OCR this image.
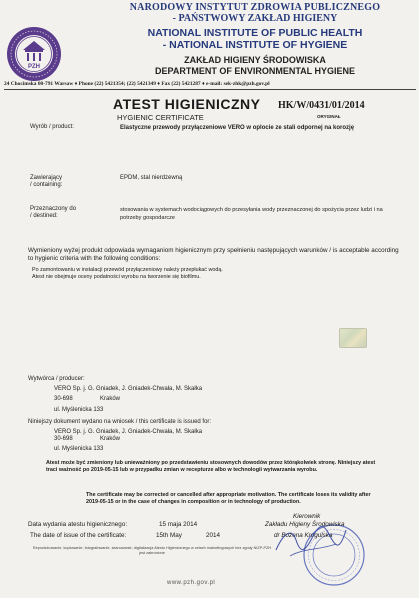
PZH
NARODOWY INSTYTUT ZDROWIA PUBLICZNEGO
- PAŃSTWOWY ZAKŁAD HIGIENY
NATIONAL INSTITUTE OF PUBLIC HEALTH
- NATIONAL INSTITUTE OF HYGIENE
ZAKŁAD HIGIENY ŚRODOWISKA
DEPARTMENT OF ENVIRONMENTAL HYGIENE
24 Chocimska 00-791 Warsaw ♦ Phone (22) 5421354; (22) 5421349 ♦ Fax (22) 5421287 ♦ e-mail: sek-zhk@pzh.gov.pl
ATEST HIGIENICZNY
HYGIENIC CERTIFICATE
HK/W/0431/01/2014
ORYGINAŁ
Wyrób / product:	Elastyczne przewody przyłączeniowe VERO w oplocie ze stali odpornej na korozję
Zawierający
/ containing:
EPDM, stal nierdzewną
Przeznaczony do
/ destined:
stosowania w systemach wodociągowych do przesyłania wody przeznaczonej do spożycia przez ludzi i na potrzeby gospodarcze
Wymieniony wyżej produkt odpowiada wymaganiom higienicznym przy spełnieniu następujących warunków / is acceptable according to hygienic criteria with the following conditions:
Po zamontowaniu w instalacji przewód przyłączeniowy należy przepłukać wodą.
Atest nie obejmuje oceny podatności wyrobu na tworzenie się biofilmu.
Wytwórca / producer:
VERO Sp. j. G. Gniadek, J. Gniadek-Chwała, M. Skałka
30-698	Kraków
ul. Myślenicka 133
Niniejszy dokument wydano na wniosek / this certificate is issued for:
VERO Sp. j. G. Gniadek, J. Gniadek-Chwała, M. Skałka
30-698	Kraków
ul. Myślenicka 133
Atest może być zmieniony lub unieważniony po przedstawieniu stosownych dowodów przez którąkolwiek stronę. Niniejszy atest traci ważność po 2019-05-15 lub w przypadku zmian w recepturze albo w technologii wytwarzania wyrobu.
The certificate may be corrected or cancelled after appropriate motivation. The certificate loses its validity after 2019-05-15 or in the case of changes in composition or in technology of production.
Data wydania atestu higienicznego:	15 maja 2014
The date of issue of the certificate:	15th May	2014
Kierownik
Zakładu Higieny Środowiska
dr Bożena Krogulska
Reprodukowanie, kopiowanie, fotografowanie, skanowanie, digitalizacja Atestu Higienicznego w celach marketingowych bez zgody NIZP-PZH jest zabronione
www.pzh.gov.pl
